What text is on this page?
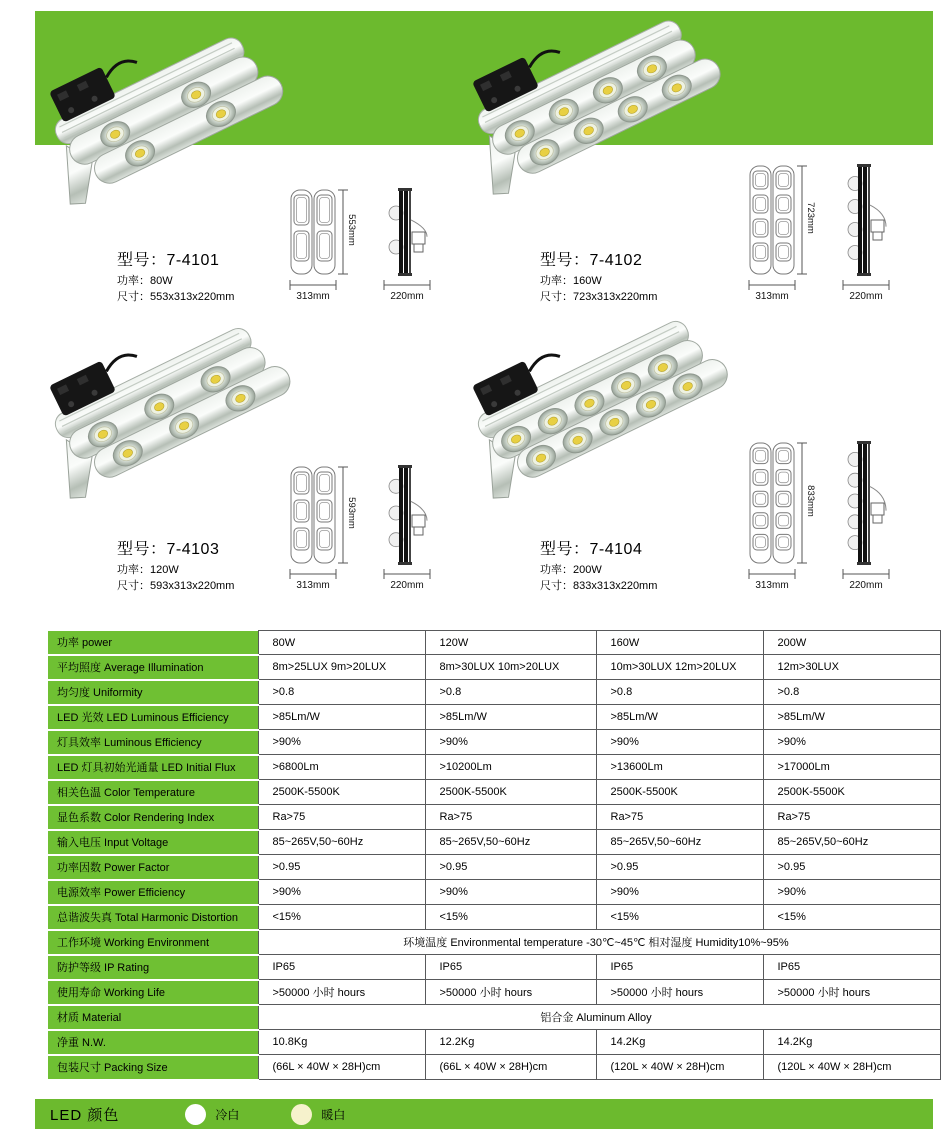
型号：7-4101
功率：80W
尺寸：553x313x220mm
553mm
313mm	220mm
型号：7-4102
功率：160W
尺寸：723x313x220mm
723mm
313mm	220mm
型号：7-4103
功率：120W
尺寸：593x313x220mm
593mm
313mm	220mm
型号：7-4104
功率：200W
尺寸：833x313x220mm
833mm
313mm	220mm
功率 power	80W	120W	160W	200W
平均照度 Average Illumination	8m>25LUX 9m>20LUX	8m>30LUX 10m>20LUX	10m>30LUX 12m>20LUX	12m>30LUX
均匀度 Uniformity	>0.8	>0.8	>0.8	>0.8
LED 光效 LED Luminous Efficiency	>85Lm/W	>85Lm/W	>85Lm/W	>85Lm/W
灯具效率 Luminous Efficiency	>90%	>90%	>90%	>90%
LED 灯具初始光通量 LED Initial Flux	>6800Lm	>10200Lm	>13600Lm	>17000Lm
相关色温 Color Temperature	2500K-5500K	2500K-5500K	2500K-5500K	2500K-5500K
显色系数 Color Rendering Index	Ra>75	Ra>75	Ra>75	Ra>75
输入电压 Input Voltage	85~265V,50~60Hz	85~265V,50~60Hz	85~265V,50~60Hz	85~265V,50~60Hz
功率因数 Power Factor	>0.95	>0.95	>0.95	>0.95
电源效率 Power Efficiency	>90%	>90%	>90%	>90%
总谐波失真 Total Harmonic Distortion	<15%	<15%	<15%	<15%
工作环境 Working Environment	环境温度 Environmental temperature -30℃~45℃ 相对湿度 Humidity10%~95%			
防护等级 IP Rating	IP65	IP65	IP65	IP65
使用寿命 Working Life	>50000 小时 hours	>50000 小时 hours	>50000 小时 hours	>50000 小时 hours
材质 Material	铝合金 Aluminum Alloy			
净重 N.W.	10.8Kg	12.2Kg	14.2Kg	14.2Kg
包装尺寸 Packing Size	(66L × 40W × 28H)cm	(66L × 40W × 28H)cm	(120L × 40W × 28H)cm	(120L × 40W × 28H)cm
LED 颜色	冷白	暖白
